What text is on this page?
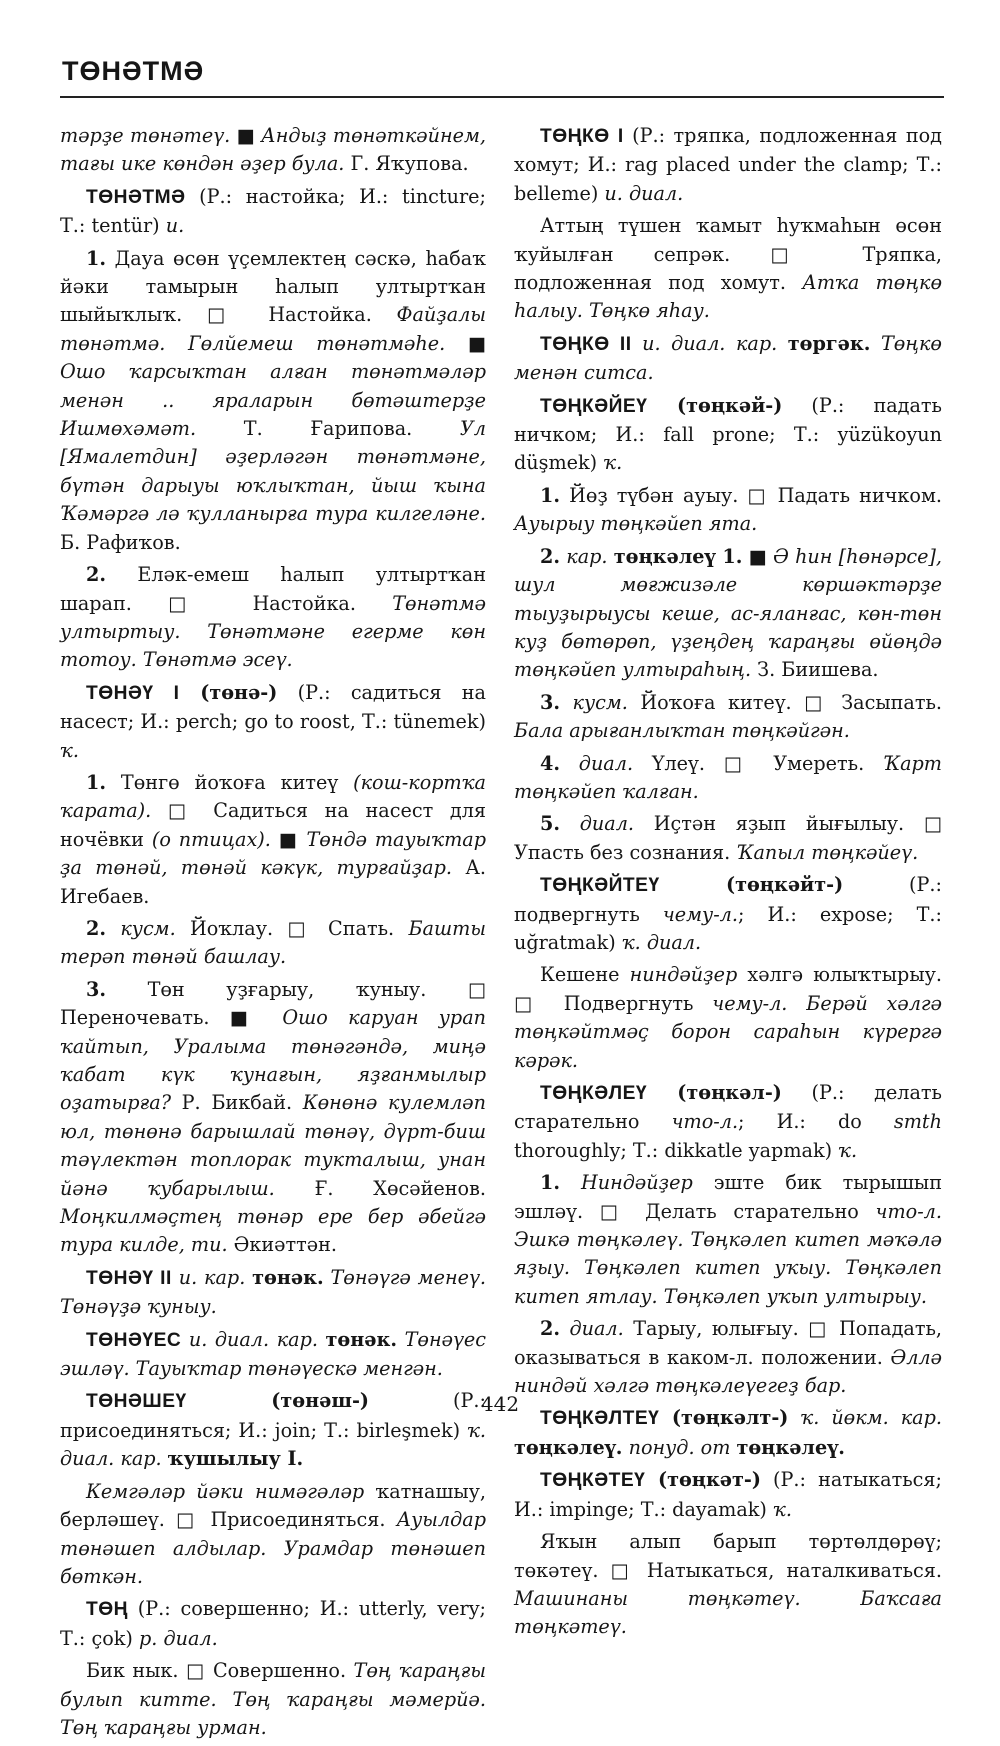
ТӨНӘТМӘ

тәрҙе төнәтеү. ■ Андыҙ төнәткәйнем, тағы ике көндән әҙер була. Г. Яҡупова.

ТӨНӘТМӘ (Р.: настойка; И.: tincture; Т.: tentür) и.

1. Дауа өсөн үҫемлектең сәскә, һабаҡ йәки тамырын һалып ултыртҡан шыйыҡлыҡ. □ Настойка. Файҙалы төнәтмә. Гөлйемеш төнәтмәһе. ■ Ошо ҡарсыҡтан алған төнәтмәләр менән .. яраларын бөтәштерҙе Ишмөхәмәт. Т. Ғарипова. Ул [Ямалетдин] әҙерләгән төнәтмәне, бүтән дарыуы юҡлыҡтан, йыш ҡына Ҡәмәргә лә ҡулланырға тура килгеләне. Б. Рафиҡов.

2. Еләк-емеш һалып ултыртҡан шарап. □ Настойка. Төнәтмә ултыртыу. Төнәтмәне егерме көн тотоу. Төнәтмә эсеү.

ТӨНӘҮ I (төнә-) (Р.: садиться на насест; И.: perch; go to roost, Т.: tünemek) ҡ.

1. Төнгө йоҡоға китеү (кош-кортҡа ҡарата). □ Садиться на насест для ночёвки (о птицах). ■ Төндә тауыҡтар ҙа төнәй, төнәй кәкүк, турғайҙар. А. Игебаев.

2. кусм. Йоҡлау. □ Спать. Башты терәп төнәй башлау.

3. Төн уҙғарыу, ҡуныу. □ Переночевать. ■ Ошо каруан урап ҡайтып, Уралыма төнәгәндә, миңә ҡабат күк ҡунағын, яҙғанмылыр оҙатырға? Р. Бикбай. Көнөнә кулемләп юл, төнөнә барышлай төнәү, дүрт-биш тәүлектән топлорак тукталыш, унан йәнә ҡубарылыш. Ғ. Хөсәйенов. Моңкилмәҫтең төнәр ере бер әбейгә тура килде, ти. Әкиәттән.

ТӨНӘҮ II и. кар. төнәк. Төнәүгә менеү. Төнәүҙә ҡуныу.

ТӨНӘҮЕС и. диал. кар. төнәк. Төнәүес эшләү. Тауыҡтар төнәүескә менгән.

ТӨНӘШЕҮ (төнәш-) (Р.: присоединяться; И.: join; Т.: birleşmek) ҡ. диал. кар. ҡушылыу I.

Кемгәләр йәки нимәгәләр ҡатнашыу, берләшеү. □ Присоединяться. Ауылдар төнәшеп алдылар. Урамдар төнәшеп бөткән.

ТӨҢ (Р.: совершенно; И.: utterly, very; Т.: çok) р. диал.

Бик нык. □ Совершенно. Төң ҡараңғы булып китте. Төң ҡараңғы мәмерйә. Төң ҡараңғы урман.

ТӨҢКӨ I (Р.: тряпка, подложенная под хомут; И.: rag placed under the clamp; Т.: belleme) и. диал.

Аттың түшен ҡамыт һуҡмаһын өсөн ҡуйылған сепрәк. □ Тряпка, подложенная под хомут. Атҡа төңкө һалыу. Төңкө яһау.

ТӨҢКӨ II и. диал. кар. төргәк. Төңкө менән ситса.

ТӨҢКӘЙЕҮ (төңкәй-) (Р.: падать ничком; И.: fall prone; Т.: yüzükoyun düşmek) ҡ.

1. Йөҙ түбән ауыу. □ Падать ничком. Ауырыу төңкәйеп ята.

2. кар. төңкәлеү 1. ■ Ә һин [һөнәрсе], шул мөғжизәле көршәктәрҙе тыуҙырыусы кеше, ас-яланғас, көн-төн куҙ бөтөрөп, үҙеңдең ҡараңғы өйөңдә төңкәйеп ултыраһың. З. Биишева.

3. кусм. Йоҡоға китеү. □ Засыпать. Бала арығанлыҡтан төңкәйгән.

4. диал. Үлеү. □ Умереть. Ҡарт төңкәйеп ҡалған.

5. диал. Иҫтән яҙып йығылыу. □ Упасть без сознания. Ҡапыл төңкәйеү.

ТӨҢКӘЙТЕҮ (төңкәйт-) (Р.: подвергнуть чему-л.; И.: expose; Т.: uğratmak) ҡ. диал.

Кешене ниндәйҙер хәлгә юлыҡтырыу. □ Подвергнуть чему-л. Берәй хәлгә төңкәйтмәҫ борон сараһын күрергә кәрәк.

ТӨҢКӘЛЕҮ (төңкәл-) (Р.: делать старательно что-л.; И.: do smth thoroughly; Т.: dikkatle yapmak) ҡ.

1. Ниндәйҙер эште бик тырышып эшләү. □ Делать старательно что-л. Эшкә төңкәлеү. Төңкәлеп китеп мәҡәлә яҙыу. Төңкәлеп китеп уҡыу. Төңкәлеп китеп ятлау. Төңкәлеп уҡып ултырыу.

2. диал. Тарыу, юлығыу. □ Попадать, оказываться в каком-л. положении. Әллә ниндәй хәлгә төңкәлеүегеҙ бар.

ТӨҢКӘЛТЕҮ (төңкәлт-) ҡ. йөкм. кар. төңкәлеү. понуд. от төңкәлеү.

ТӨҢКӘТЕҮ (төңкәт-) (Р.: натыкаться; И.: impinge; Т.: dayamak) ҡ.

Яҡын алып барып төртөлдөрөү; төкәтеү. □ Натыкаться, наталкиваться. Машинаны төңкәтеү. Баҡсаға төңкәтеү.

442
